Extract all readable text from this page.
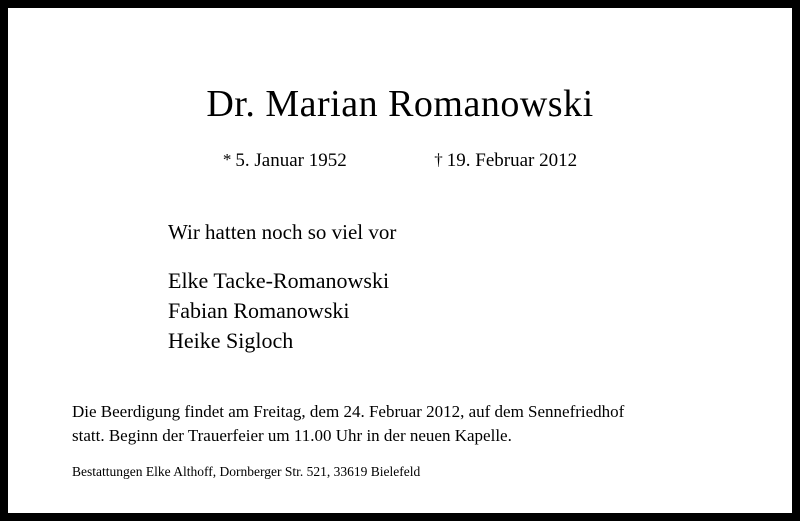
Dr. Marian Romanowski
* 5. Januar 1952	† 19. Februar 2012
Wir hatten noch so viel vor
Elke Tacke-Romanowski
Fabian Romanowski
Heike Sigloch
Die Beerdigung findet am Freitag, dem 24. Februar 2012, auf dem Sennefriedhof
statt. Beginn der Trauerfeier um 11.00 Uhr in der neuen Kapelle.
Bestattungen Elke Althoff, Dornberger Str. 521, 33619 Bielefeld
